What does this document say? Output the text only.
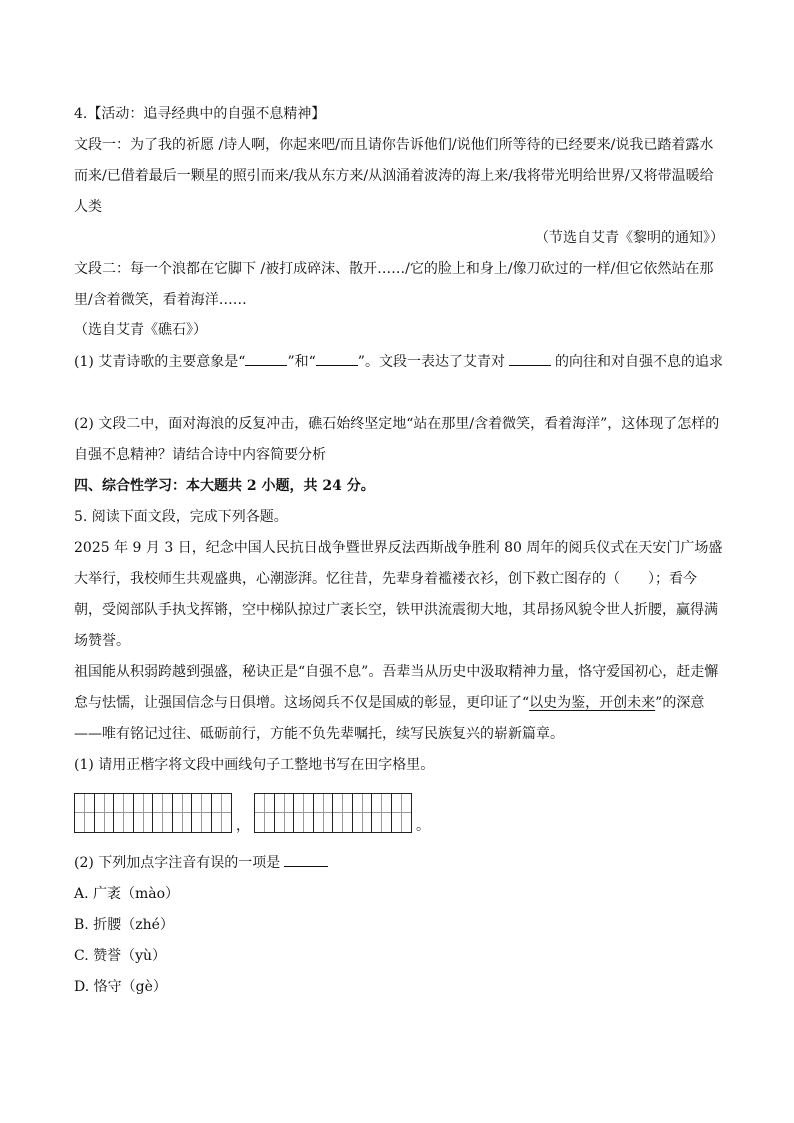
4.【活动：追寻经典中的自强不息精神】

文段一：为了我的祈愿 /诗人啊，你起来吧/而且请你告诉他们/说他们所等待的已经要来/说我已踏着露水而来/已借着最后一颗星的照引而来/我从东方来/从汹涌着波涛的海上来/我将带光明给世界/又将带温暖给人类

（节选自艾青《黎明的通知》）

文段二：每一个浪都在它脚下 /被打成碎沫、散开……/它的脸上和身上/像刀砍过的一样/但它依然站在那里/含着微笑，看着海洋……

（选自艾青《礁石》）

(1) 艾青诗歌的主要意象是“	”和“	”。文段一表达了艾青对	的向往和对自强不息的追求

(2) 文段二中，面对海浪的反复冲击，礁石始终坚定地“站在那里/含着微笑，看着海洋”，这体现了怎样的自强不息精神？请结合诗中内容简要分析

四、综合性学习：本大题共 2 小题，共 24 分。

5. 阅读下面文段，完成下列各题。

2025 年 9 月 3 日，纪念中国人民抗日战争暨世界反法西斯战争胜利 80 周年的阅兵仪式在天安门广场盛大举行，我校师生共观盛典，心潮澎湃。忆往昔，先辈身着褴褛衣衫，创下救亡图存的（　　）；看今朝，受阅部队手执戈挥锵，空中梯队掠过广袤长空，铁甲洪流震彻大地，其昂扬风貌令世人折腰，赢得满场赞誉。

祖国能从积弱跨越到强盛，秘诀正是“自强不息”。吾辈当从历史中汲取精神力量，恪守爱国初心，赶走懈怠与怯懦，让强国信念与日俱增。这场阅兵不仅是国威的彰显，更印证了“以史为鉴，开创未来”的深意——唯有铭记过往、砥砺前行，方能不负先辈嘱托，续写民族复兴的崭新篇章。

(1) 请用正楷字将文段中画线句子工整地书写在田字格里。

，	。

(2) 下列加点字注音有误的一项是

A. 广袤（mào）

B. 折腰（zhé）

C. 赞誉（yù）

D. 恪守（gè）
